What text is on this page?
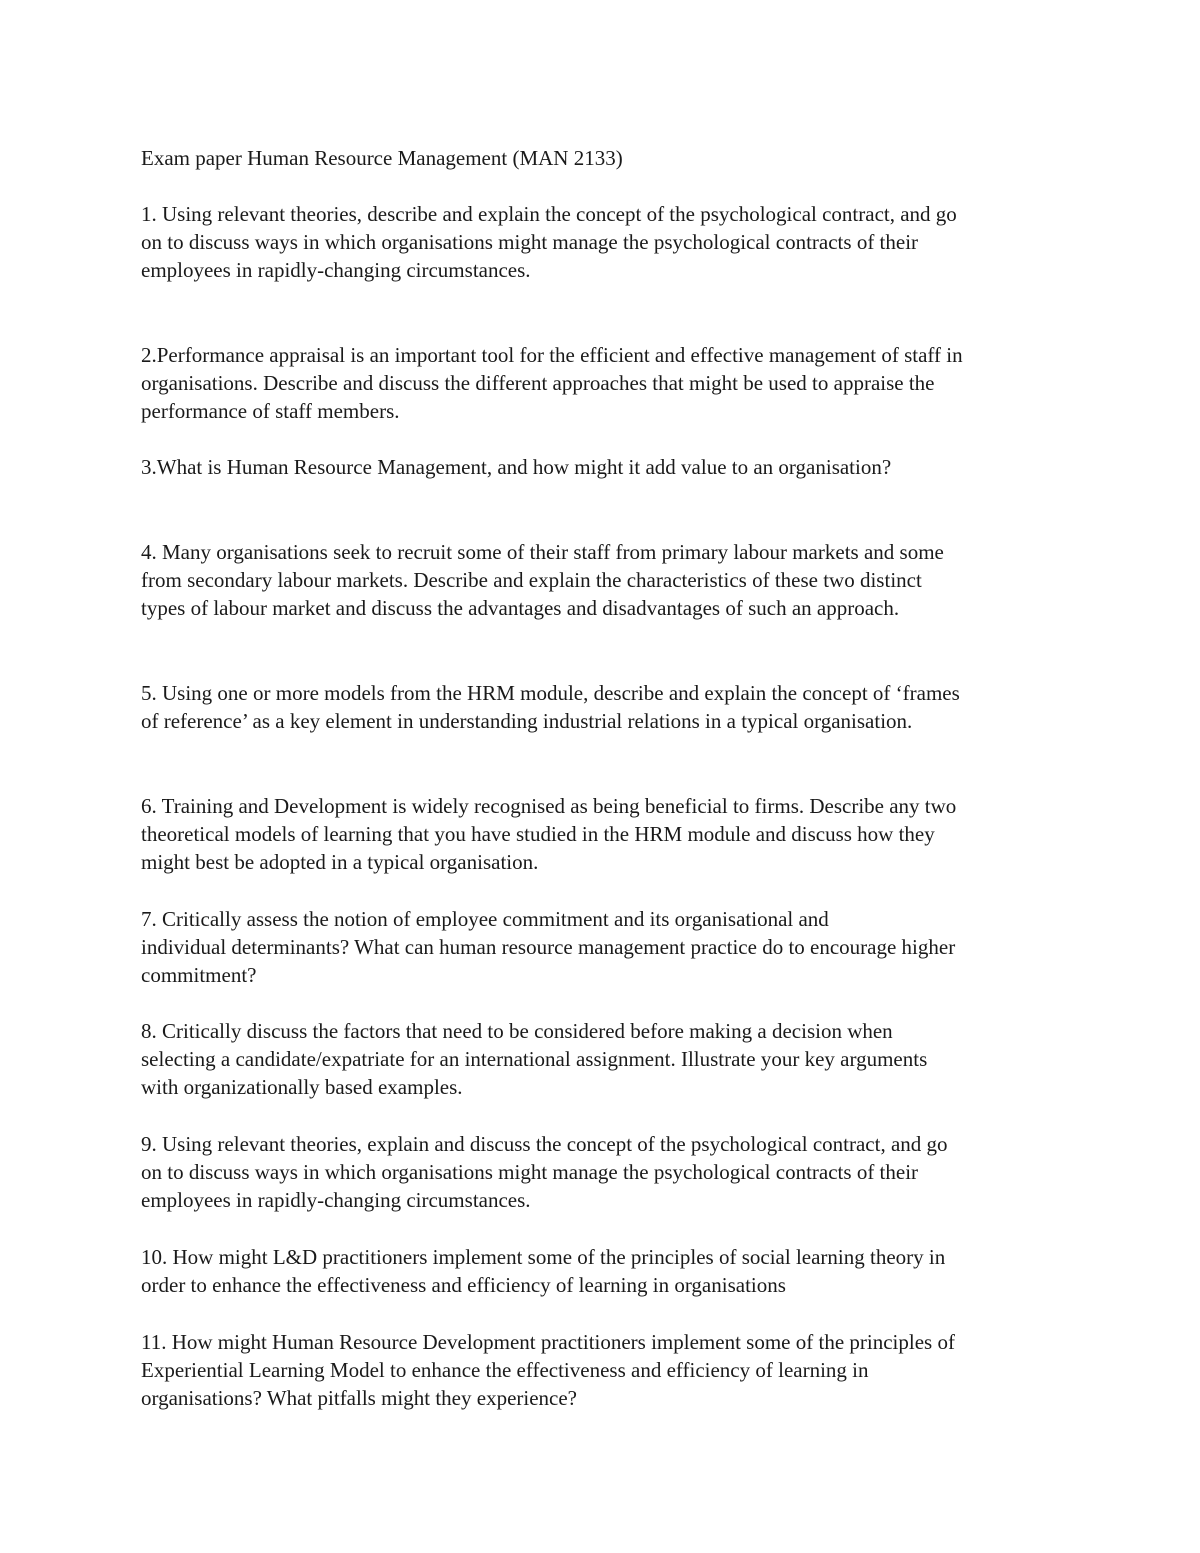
Exam paper Human Resource Management (MAN 2133)

1. Using relevant theories, describe and explain the concept of the psychological contract, and go

on to discuss ways in which organisations might manage the psychological contracts of their

employees in rapidly-changing circumstances.

2.Performance appraisal is an important tool for the efficient and effective management of staff in

organisations. Describe and discuss the different approaches that might be used to appraise the

performance of staff members.

3.What is Human Resource Management, and how might it add value to an organisation?

4. Many organisations seek to recruit some of their staff from primary labour markets and some

from secondary labour markets. Describe and explain the characteristics of these two distinct

types of labour market and discuss the advantages and disadvantages of such an approach.

5. Using one or more models from the HRM module, describe and explain the concept of ‘frames

of reference’ as a key element in understanding industrial relations in a typical organisation.

6. Training and Development is widely recognised as being beneficial to firms. Describe any two

theoretical models of learning that you have studied in the HRM module and discuss how they

might best be adopted in a typical organisation.

7. Critically assess the notion of employee commitment and its organisational and

individual determinants? What can human resource management practice do to encourage higher

commitment?

8. Critically discuss the factors that need to be considered before making a decision when

selecting a candidate/expatriate for an international assignment. Illustrate your key arguments

with organizationally based examples.

9. Using relevant theories, explain and discuss the concept of the psychological contract, and go

on to discuss ways in which organisations might manage the psychological contracts of their

employees in rapidly-changing circumstances.

10. How might L&D practitioners implement some of the principles of social learning theory in

order to enhance the effectiveness and efficiency of learning in organisations

11. How might Human Resource Development practitioners implement some of the principles of

Experiential Learning Model to enhance the effectiveness and efficiency of learning in

organisations? What pitfalls might they experience?
